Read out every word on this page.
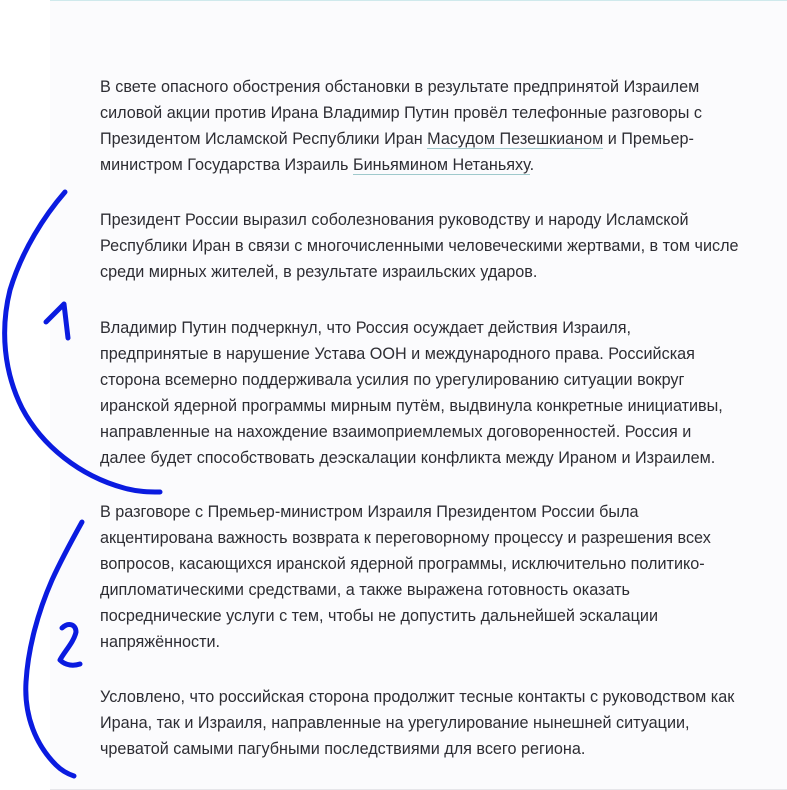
В свете опасного обострения обстановки в результате предпринятой Израилем силовой акции против Ирана Владимир Путин провёл телефонные разговоры с Президентом Исламской Республики Иран Масудом Пезешкианом и Премьер-министром Государства Израиль Биньямином Нетаньяху.

Президент России выразил соболезнования руководству и народу Исламской Республики Иран в связи с многочисленными человеческими жертвами, в том числе среди мирных жителей, в результате израильских ударов.

Владимир Путин подчеркнул, что Россия осуждает действия Израиля, предпринятые в нарушение Устава ООН и международного права. Российская сторона всемерно поддерживала усилия по урегулированию ситуации вокруг иранской ядерной программы мирным путём, выдвинула конкретные инициативы, направленные на нахождение взаимоприемлемых договоренностей. Россия и далее будет способствовать деэскалации конфликта между Ираном и Израилем.

В разговоре с Премьер-министром Израиля Президентом России была акцентирована важность возврата к переговорному процессу и разрешения всех вопросов, касающихся иранской ядерной программы, исключительно политико-дипломатическими средствами, а также выражена готовность оказать посреднические услуги с тем, чтобы не допустить дальнейшей эскалации напряжённости.

Условлено, что российская сторона продолжит тесные контакты с руководством как Ирана, так и Израиля, направленные на урегулирование нынешней ситуации, чреватой самыми пагубными последствиями для всего региона.
